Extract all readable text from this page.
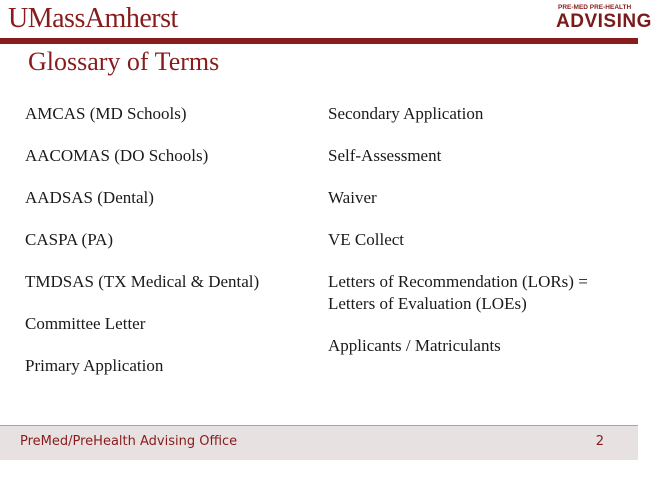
UMassAmherst	PRE-MED PRE-HEALTH
ADVISING
Glossary of Terms
AMCAS (MD Schools)
AACOMAS (DO Schools)
AADSAS (Dental)
CASPA (PA)
TMDSAS (TX Medical & Dental)
Committee Letter
Primary Application
Secondary Application
Self-Assessment
Waiver
VE Collect
Letters of Recommendation (LORs) =
Letters of Evaluation (LOEs)
Applicants / Matriculants
PreMed/PreHealth Advising Office	2
